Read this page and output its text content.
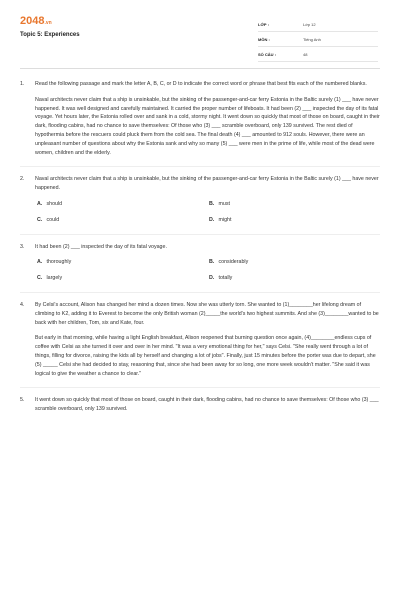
2048.vn
Topic 5: Experiences
LỚP :	Lớp 12
MÔN :	Tiếng Anh
SỐ CÂU :	48
1. Read the following passage and mark the letter A, B, C, or D to indicate the correct word or phrase that best fits each of the numbered blanks.

Naval architects never claim that a ship is unsinkable, but the sinking of the passenger-and-car ferry Estonia in the Baltic surely (1) ___ have never happened. It was well designed and carefully maintained. It carried the proper number of lifeboats. It had been (2) ___ inspected the day of its fatal voyage. Yet hours later, the Estonia rolled over and sank in a cold, stormy night. It went down so quickly that most of those on board, caught in their dark, flooding cabins, had no chance to save themselves: Of those who (3) ___ scramble overboard, only 139 survived. The rest died of hypothermia before the rescuers could pluck them from the cold sea. The final death (4) ___ amounted to 912 souls. However, there were an unpleasant number of questions about why the Estonia sank and why so many (5) ___ were men in the prime of life, while most of the dead were women, children and the elderly.

2. Naval architects never claim that a ship is unsinkable, but the sinking of the passenger-and-car ferry Estonia in the Baltic surely (1) ___ have never happened.

A. should	B. must
C. could	D. might
3. It had been (2) ___ inspected the day of its fatal voyage.

A. thoroughly	B. considerably
C. largely	D. totally
4. By Celsi's account, Alison has changed her mind a dozen times. Now she was utterly torn. She wanted to (1)________her lifelong dream of climbing to K2, adding it to Everest to become the only British woman (2)_____the world's two highest summits. And she (3)________wanted to be back with her children, Tom, six and Kate, four.

But early in that morning, while having a light English breakfast, Alison reopened that burning question once again, (4)________endless cups of coffee with Celsi as she turned it over and over in her mind. "It was a very emotional thing for her," says Celsi. "She really went through a lot of things, filling for divorce, raising the kids all by herself and changing a lot of jobs". Finally, just 15 minutes before the porter was due to depart, she (5) _____ Celsi she had decided to stay, reasoning that, since she had been away for so long, one more week wouldn't matter. "She said it was logical to give the weather a chance to clear."

5. It went down so quickly that most of those on board, caught in their dark, flooding cabins, had no chance to save themselves: Of those who (3) ___ scramble overboard, only 139 survived.
